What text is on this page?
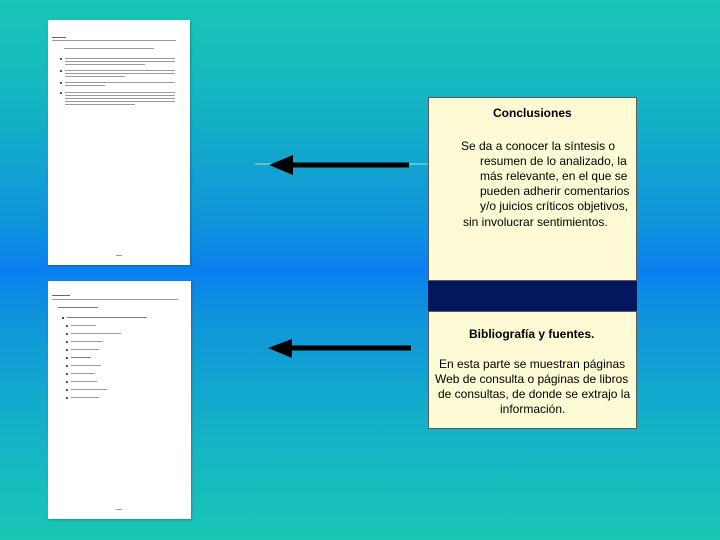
Conclusiones
Se da a conocer la síntesis o
resumen de lo analizado, la
más relevante, en el que se
pueden adherir comentarios
y/o juicios críticos objetivos,
sin involucrar sentimientos.
Bibliografía y fuentes.
En esta parte se muestran páginas
Web de consulta o páginas de libros
de consultas, de donde se extrajo la
información.
